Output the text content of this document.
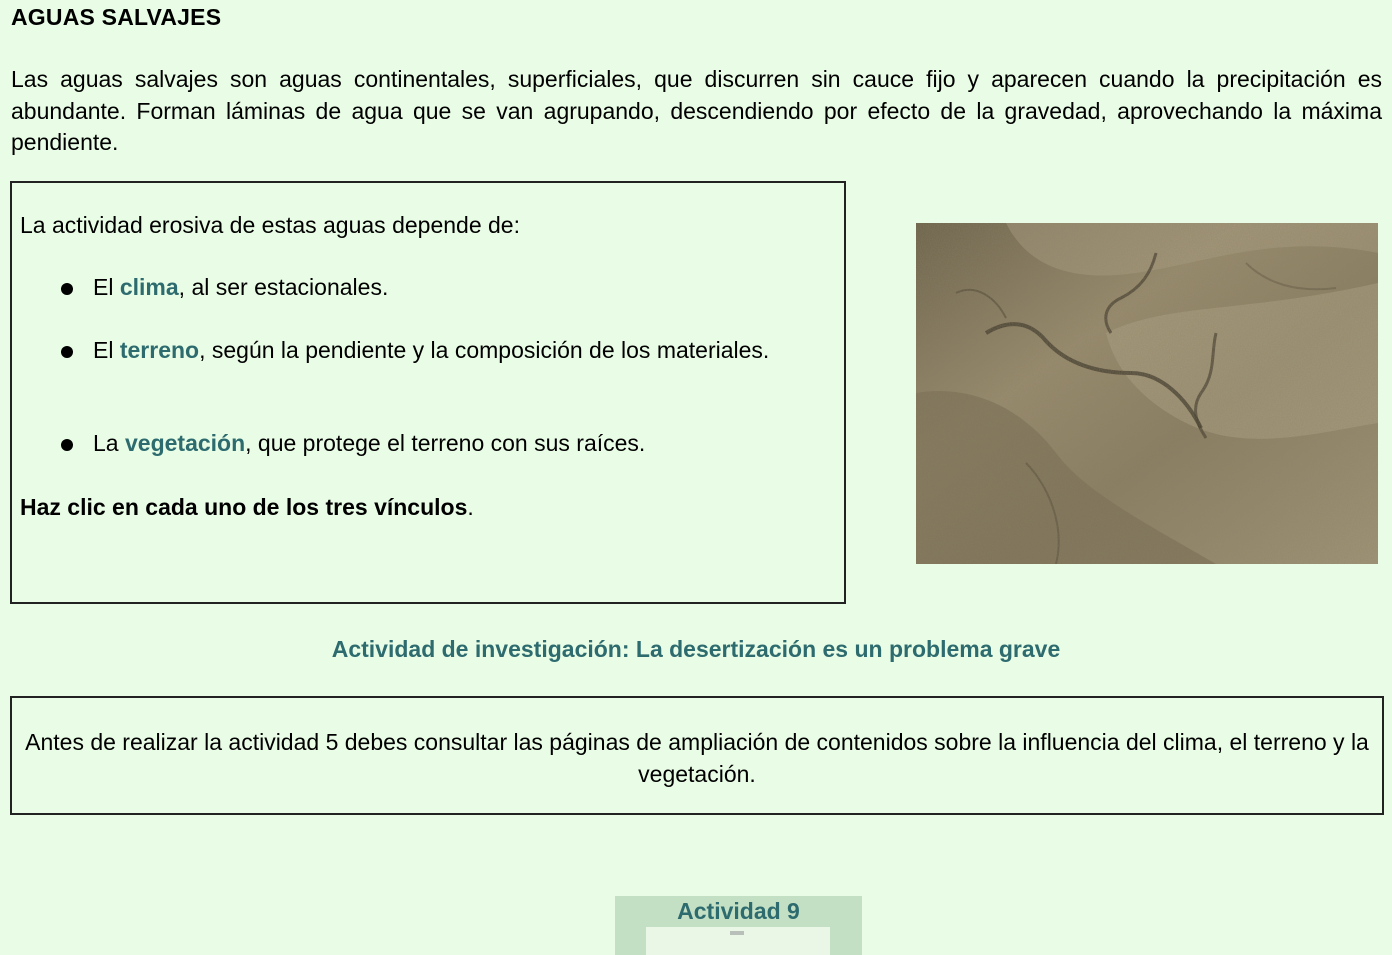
AGUAS SALVAJES
Las aguas salvajes son aguas continentales, superficiales, que discurren sin cauce fijo y aparecen cuando la precipitación es abundante. Forman láminas de agua que se van agrupando, descendiendo por efecto de la gravedad, aprovechando la máxima pendiente.
La actividad erosiva de estas aguas depende de:
El clima, al ser estacionales.
El terreno, según la pendiente y la composición de los materiales.
La vegetación, que protege el terreno con sus raíces.
Haz clic en cada uno de los tres vínculos.
Actividad de investigación: La desertización es un problema grave
Antes de realizar la actividad 5 debes consultar las páginas de ampliación de contenidos sobre la influencia del clima, el terreno y la vegetación.
Actividad 9
